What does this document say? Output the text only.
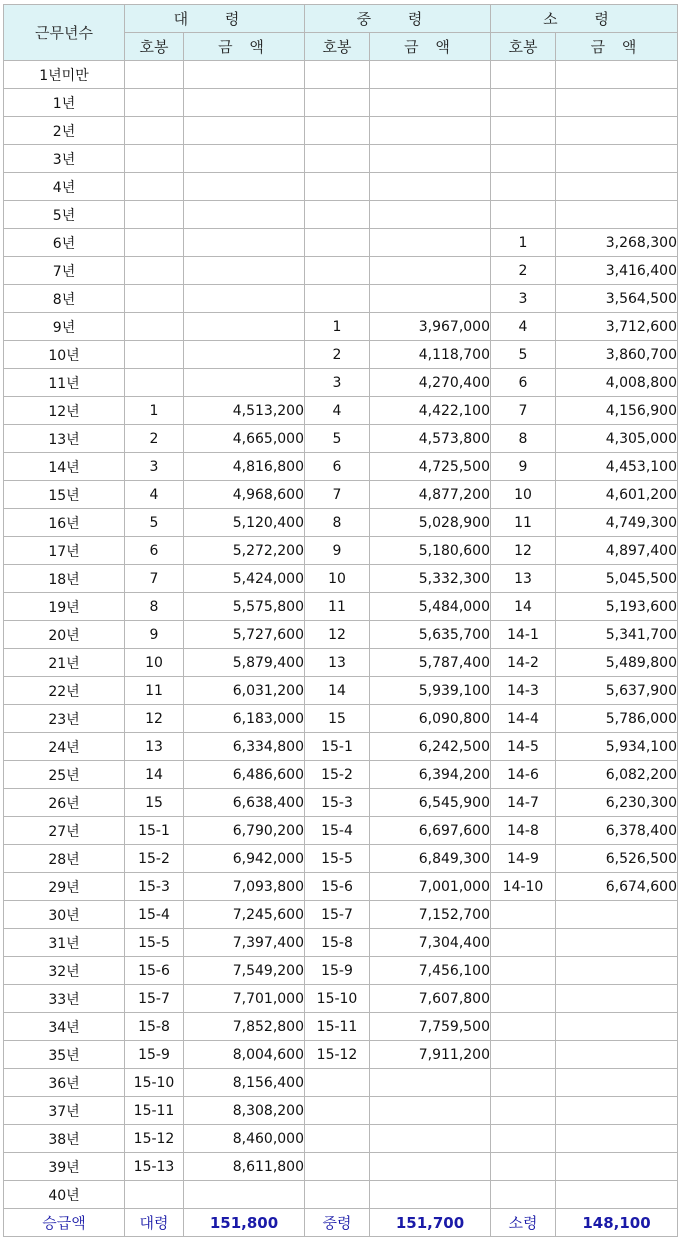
근무년수	대 령		중 령		소 령	
	호봉	금 액	호봉	금 액	호봉	금 액
1년미만						
1년						
2년						
3년						
4년						
5년						
6년					1	3,268,300
7년					2	3,416,400
8년					3	3,564,500
9년			1	3,967,000	4	3,712,600
10년			2	4,118,700	5	3,860,700
11년			3	4,270,400	6	4,008,800
12년	1	4,513,200	4	4,422,100	7	4,156,900
13년	2	4,665,000	5	4,573,800	8	4,305,000
14년	3	4,816,800	6	4,725,500	9	4,453,100
15년	4	4,968,600	7	4,877,200	10	4,601,200
16년	5	5,120,400	8	5,028,900	11	4,749,300
17년	6	5,272,200	9	5,180,600	12	4,897,400
18년	7	5,424,000	10	5,332,300	13	5,045,500
19년	8	5,575,800	11	5,484,000	14	5,193,600
20년	9	5,727,600	12	5,635,700	14-1	5,341,700
21년	10	5,879,400	13	5,787,400	14-2	5,489,800
22년	11	6,031,200	14	5,939,100	14-3	5,637,900
23년	12	6,183,000	15	6,090,800	14-4	5,786,000
24년	13	6,334,800	15-1	6,242,500	14-5	5,934,100
25년	14	6,486,600	15-2	6,394,200	14-6	6,082,200
26년	15	6,638,400	15-3	6,545,900	14-7	6,230,300
27년	15-1	6,790,200	15-4	6,697,600	14-8	6,378,400
28년	15-2	6,942,000	15-5	6,849,300	14-9	6,526,500
29년	15-3	7,093,800	15-6	7,001,000	14-10	6,674,600
30년	15-4	7,245,600	15-7	7,152,700		
31년	15-5	7,397,400	15-8	7,304,400		
32년	15-6	7,549,200	15-9	7,456,100		
33년	15-7	7,701,000	15-10	7,607,800		
34년	15-8	7,852,800	15-11	7,759,500		
35년	15-9	8,004,600	15-12	7,911,200		
36년	15-10	8,156,400				
37년	15-11	8,308,200				
38년	15-12	8,460,000				
39년	15-13	8,611,800				
40년						
승급액	대령	151,800	중령	151,700	소령	148,100
